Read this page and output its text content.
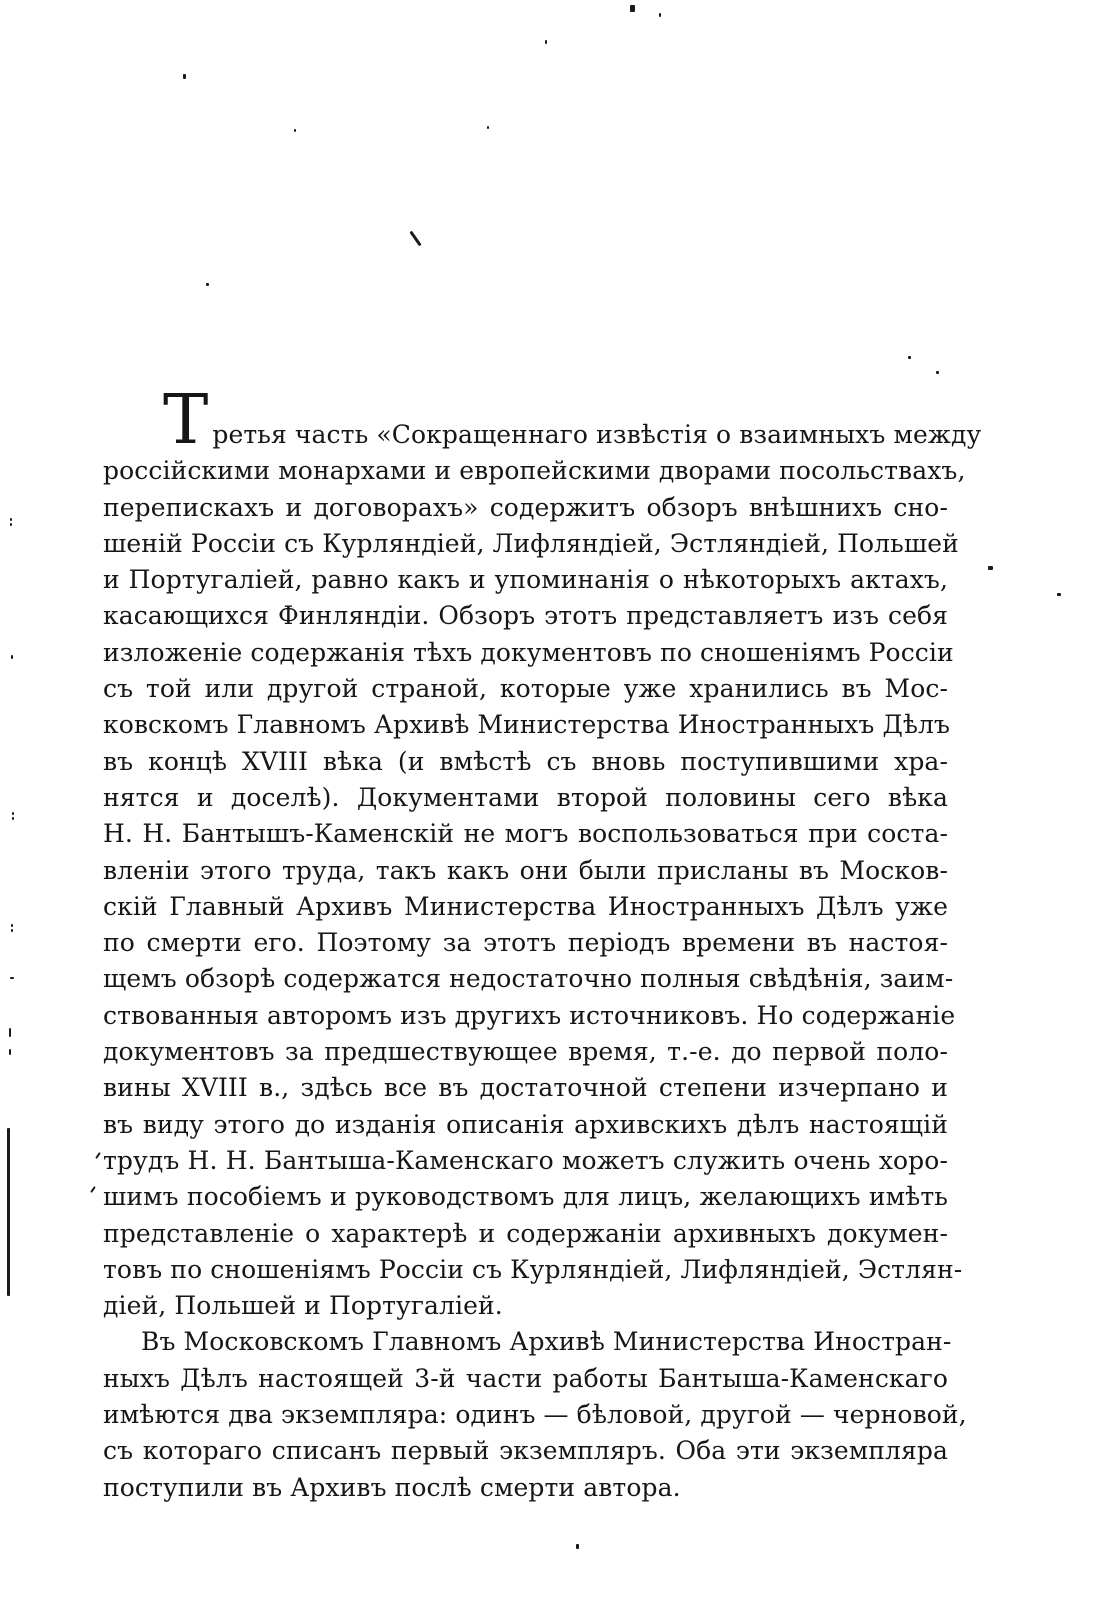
Третья часть «Сокращеннаго извѣстія о взаимныхъ между
россійскими монархами и европейскими дворами посольствахъ,
перепискахъ и договорахъ» содержитъ обзоръ внѣшнихъ сно-
шеній Россіи съ Курляндіей, Лифляндіей, Эстляндіей, Польшей
и Португаліей, равно какъ и упоминанія о нѣкоторыхъ актахъ,
касающихся Финляндіи. Обзоръ этотъ представляетъ изъ себя
изложеніе содержанія тѣхъ документовъ по сношеніямъ Россіи
съ той или другой страной, которые уже хранились въ Мос-
ковскомъ Главномъ Архивѣ Министерства Иностранныхъ Дѣлъ
въ концѣ XVIII вѣка (и вмѣстѣ съ вновь поступившими хра-
нятся и доселѣ). Документами второй половины сего вѣка
Н. Н. Бантышъ-Каменскій не могъ воспользоваться при соста-
вленіи этого труда, такъ какъ они были присланы въ Москов-
скій Главный Архивъ Министерства Иностранныхъ Дѣлъ уже
по смерти его. Поэтому за этотъ періодъ времени въ настоя-
щемъ обзорѣ содержатся недостаточно полныя свѣдѣнія, заим-
ствованныя авторомъ изъ другихъ источниковъ. Но содержаніе
документовъ за предшествующее время, т.-е. до первой поло-
вины XVIII в., здѣсь все въ достаточной степени изчерпано и
въ виду этого до изданія описанія архивскихъ дѣлъ настоящій
трудъ Н. Н. Бантыша-Каменскаго можетъ служить очень хоро-
шимъ пособіемъ и руководствомъ для лицъ, желающихъ имѣть
представленіе о характерѣ и содержаніи архивныхъ докумен-
товъ по сношеніямъ Россіи съ Курляндіей, Лифляндіей, Эстлян-
діей, Польшей и Португаліей.
Въ Московскомъ Главномъ Архивѣ Министерства Иностран-
ныхъ Дѣлъ настоящей 3-й части работы Бантыша-Каменскаго
имѣются два экземпляра: одинъ — бѣловой, другой — черновой,
съ котораго списанъ первый экземпляръ. Оба эти экземпляра
поступили въ Архивъ послѣ смерти автора.
